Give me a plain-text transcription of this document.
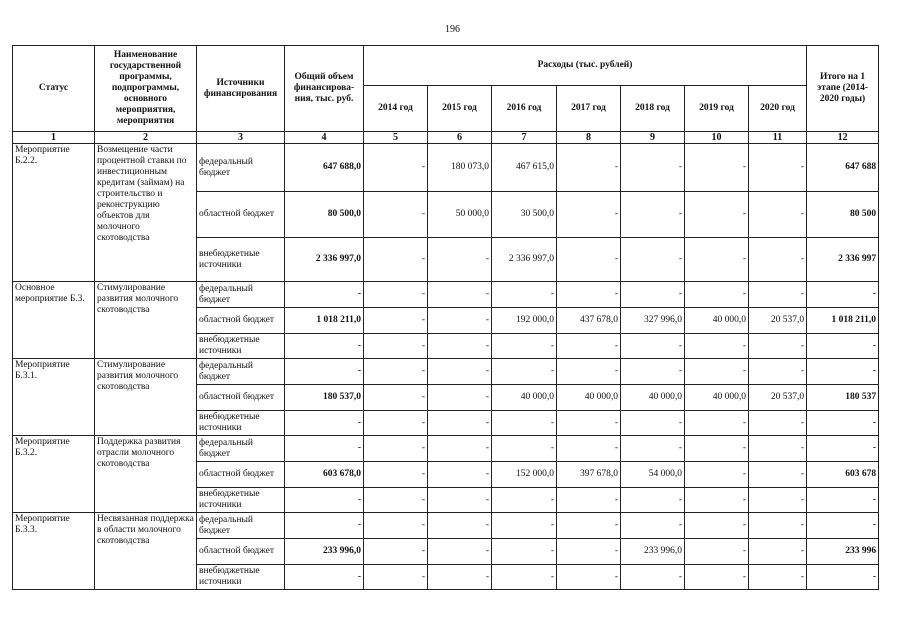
196
Статус	Наименование государственной программы, подпрограммы, основного мероприятия, мероприятия	Источники финансирования	Общий объем финансирова-ния, тыс. руб.	Расходы (тыс. рублей)							Итого на 1 этапе (2014-2020 годы)
				2014 год	2015 год	2016 год	2017 год	2018 год	2019 год	2020 год	
1	2	3	4	5	6	7	8	9	10	11	12
Мероприятие Б.2.2.	Возмещение части процентной ставки по инвестиционным кредитам (займам) на строительство и реконструкцию объектов для молочного скотоводства	федеральный бюджет	647 688,0	-	180 073,0	467 615,0	-	-	-	-	647 688
		областной бюджет	80 500,0	-	50 000,0	30 500,0	-	-	-	-	80 500
		внебюджетные источники	2 336 997,0	-	-	2 336 997,0	-	-	-	-	2 336 997
Основное мероприятие Б.3.	Стимулирование развития молочного скотоводства	федеральный бюджет	-	-	-	-	-	-	-	-	-
		областной бюджет	1 018 211,0	-	-	192 000,0	437 678,0	327 996,0	40 000,0	20 537,0	1 018 211,0
		внебюджетные источники	-	-	-	-	-	-	-	-	-
Мероприятие Б.3.1.	Стимулирование развития молочного скотоводства	федеральный бюджет	-	-	-	-	-	-	-	-	-
		областной бюджет	180 537,0	-	-	40 000,0	40 000,0	40 000,0	40 000,0	20 537,0	180 537
		внебюджетные источники	-	-	-	-	-	-	-	-	-
Мероприятие Б.3.2.	Поддержка развития отрасли молочного скотоводства	федеральный бюджет	-	-	-	-	-	-	-	-	-
		областной бюджет	603 678,0	-	-	152 000,0	397 678,0	54 000,0	-	-	603 678
		внебюджетные источники	-	-	-	-	-	-	-	-	-
Мероприятие Б.3.3.	Несвязанная поддержка в области молочного скотоводства	федеральный бюджет	-	-	-	-	-	-	-	-	-
		областной бюджет	233 996,0	-	-	-	-	233 996,0	-	-	233 996
		внебюджетные источники	-	-	-	-	-	-	-	-	-
